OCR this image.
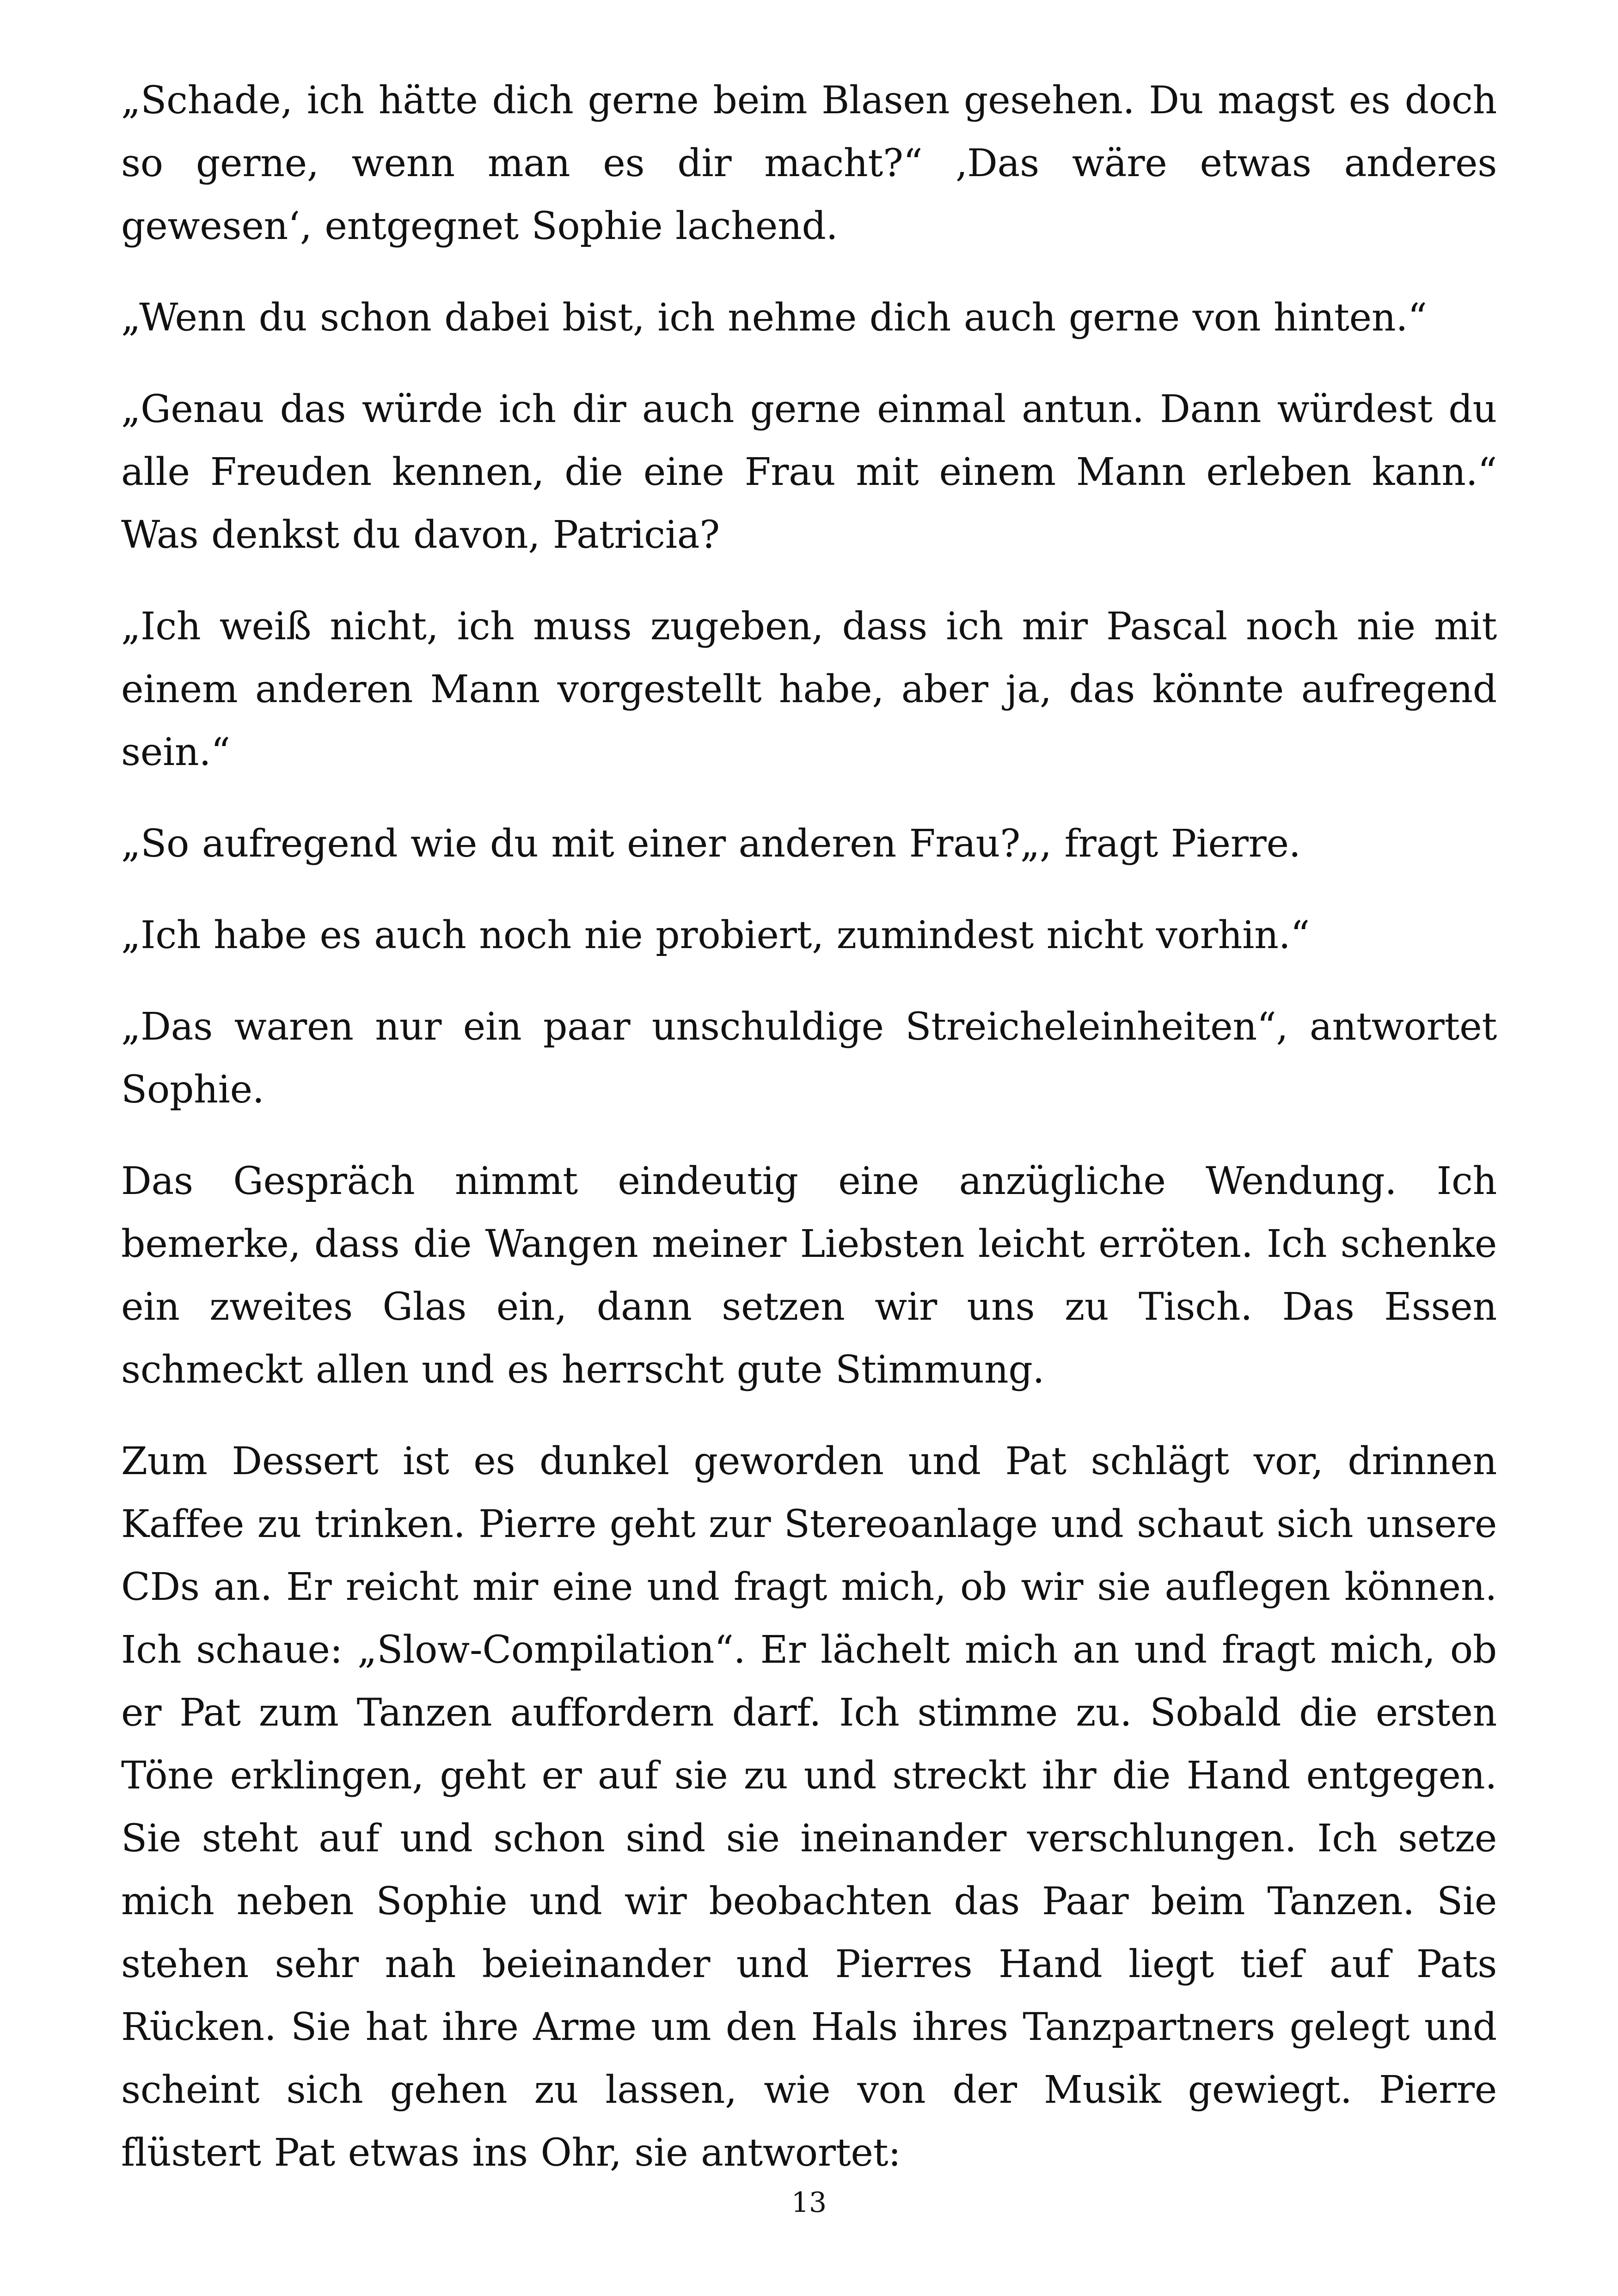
„Schade, ich hätte dich gerne beim Blasen gesehen. Du magst es doch so gerne, wenn man es dir macht?“ ‚Das wäre etwas anderes gewesen‘, entgegnet Sophie lachend.

„Wenn du schon dabei bist, ich nehme dich auch gerne von hinten.“

„Genau das würde ich dir auch gerne einmal antun. Dann würdest du alle Freuden kennen, die eine Frau mit einem Mann erleben kann.“ Was denkst du davon, Patricia?

„Ich weiß nicht, ich muss zugeben, dass ich mir Pascal noch nie mit einem anderen Mann vorgestellt habe, aber ja, das könnte aufregend sein.“

„So aufregend wie du mit einer anderen Frau?„, fragt Pierre.

„Ich habe es auch noch nie probiert, zumindest nicht vorhin.“

„Das waren nur ein paar unschuldige Streicheleinheiten“, antwortet Sophie.

Das Gespräch nimmt eindeutig eine anzügliche Wendung. Ich bemerke, dass die Wangen meiner Liebsten leicht erröten. Ich schenke ein zweites Glas ein, dann setzen wir uns zu Tisch. Das Essen schmeckt allen und es herrscht gute Stimmung.

Zum Dessert ist es dunkel geworden und Pat schlägt vor, drinnen Kaffee zu trinken. Pierre geht zur Stereoanlage und schaut sich unsere CDs an. Er reicht mir eine und fragt mich, ob wir sie auflegen können. Ich schaue: „Slow-Compilation“. Er lächelt mich an und fragt mich, ob er Pat zum Tanzen auffordern darf. Ich stimme zu. Sobald die ersten Töne erklingen, geht er auf sie zu und streckt ihr die Hand entgegen. Sie steht auf und schon sind sie ineinander verschlungen. Ich setze mich neben Sophie und wir beobachten das Paar beim Tanzen. Sie stehen sehr nah beieinander und Pierres Hand liegt tief auf Pats Rücken. Sie hat ihre Arme um den Hals ihres Tanzpartners gelegt und scheint sich gehen zu lassen, wie von der Musik gewiegt. Pierre flüstert Pat etwas ins Ohr, sie antwortet:

13
